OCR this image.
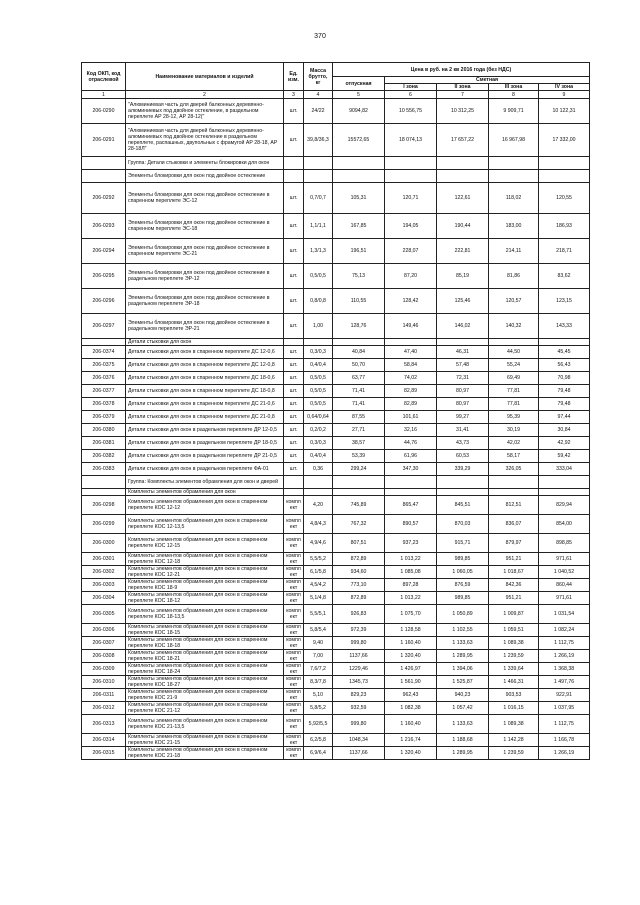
370
Код ОКП, код отраслевой	Наименование материалов и изделий	Ед. изм.	Масса брутто, кг	Цена в руб. на 2 кв 2016 года (без НДС)				
				отпускная	Сметная			
					I зона	II зона	III зона	IV зона
1	2	3	4	5	6	7	8	9
206-0290	"Алюминиевая часть для дверей балконных деревянно-алюминиевых под двойное остекление, в раздельном переплете АР 28-12, АР 28-12("	шт.	24/22	9094,82	10 556,75	10 312,25	9 909,71	10 122,31
206-0291	"Алюминиевая часть для дверей балконных деревянно-алюминиевых под двойное остекление в раздельном переплете, распашных, двупольных с фрамугой АР 28-18, АР 28-18Л"	шт.	39,8/36,3	15572,65	18 074,13	17 657,22	16 967,98	17 332,00
	Группа: Детали стыковки и элементы блокировки для окон							
	Элементы блокировки для окон под двойное остекление							
206-0292	Элементы блокировки для окон под двойное остекление в спаренном переплете ЭС-12	шт.	0,7/0,7	105,31	120,71	122,61	118,02	120,55
206-0293	Элементы блокировки для окон под двойное остекление в спаренном переплете ЭС-18	шт.	1,1/1,1	167,85	194,05	190,44	183,00	186,93
206-0294	Элементы блокировки для окон под двойное остекление в спаренном переплете ЭС-21	шт.	1,3/1,3	196,51	228,07	222,81	214,11	218,71
206-0295	Элементы блокировки для окон под двойное остекление в раздельном переплете ЭР-12	шт.	0,5/0,5	75,13	87,20	85,19	81,86	83,62
206-0296	Элементы блокировки для окон под двойное остекление в раздельном переплете ЭР-18	шт.	0,8/0,8	110,55	128,42	125,46	120,57	123,15
206-0297	Элементы блокировки для окон под двойное остекление в раздельном переплете ЭР-21	шт.	1,00	128,76	149,46	146,02	140,32	143,33
	Детали стыковки для окон							
206-0374	Детали стыковки для окон в спаренном переплете ДС 12-0,6	шт.	0,3/0,3	40,84	47,40	46,31	44,50	45,45
206-0375	Детали стыковки для окон в спаренном переплете ДС 12-0,8	шт.	0,4/0,4	50,70	58,84	57,48	55,24	56,43
206-0376	Детали стыковки для окон в спаренном переплете ДС 18-0,6	шт.	0,5/0,5	63,77	74,02	72,31	69,49	70,98
206-0377	Детали стыковки для окон в спаренном переплете ДС 18-0,8	шт.	0,5/0,5	71,41	82,89	80,97	77,81	79,48
206-0378	Детали стыковки для окон в спаренном переплете ДС 21-0,6	шт.	0,5/0,5	71,41	82,89	80,97	77,81	79,48
206-0379	Детали стыковки для окон в спаренном переплете ДС 21-0,8	шт.	0,64/0,64	87,55	101,61	99,27	95,39	97,44
206-0380	Детали стыковки для окон в раздельном переплете ДР 12-0,5	шт.	0,2/0,2	27,71	32,16	31,41	30,19	30,84
206-0381	Детали стыковки для окон в раздельном переплете ДР 18-0,5	шт.	0,3/0,3	38,57	44,76	43,73	42,02	42,92
206-0382	Детали стыковки для окон в раздельном переплете ДР 21-0,5	шт.	0,4/0,4	53,39	61,96	60,53	58,17	59,42
206-0383	Детали стыковки для окон в раздельном переплете ФА-01	шт.	0,36	299,24	347,30	339,29	326,05	333,04
	Группа: Комплекты элементов обрамления для окон и дверей							
	Комплекты элементов обрамления для окон							
206-0298	Комплекты элементов обрамления для окон в спаренном переплете КОС 12-12	компл ект	4,20	745,89	865,47	845,51	812,51	829,94
206-0299	Комплекты элементов обрамления для окон в спаренном переплете КОС 12-13,5	компл ект	4,8/4,3	767,32	890,57	870,03	836,07	854,00
206-0300	Комплекты элементов обрамления для окон в спаренном переплете КОС 12-15	компл ект	4,9/4,6	807,51	937,23	915,71	879,97	898,85
206-0301	Комплекты элементов обрамления для окон в спаренном переплете КОС 12-18	компл ект	5,5/5,2	872,89	1 013,22	989,85	951,21	971,61
206-0302	Комплекты элементов обрамления для окон в спаренном переплете КОС 12-21	компл ект	6,1/5,8	934,60	1 085,08	1 060,05	1 018,67	1 040,52
206-0303	Комплекты элементов обрамления для окон в спаренном переплете КОС 18-9	компл ект	4,5/4,2	773,10	897,28	876,59	842,36	860,44
206-0304	Комплекты элементов обрамления для окон в спаренном переплете КОС 18-12	компл ект	5,1/4,8	872,89	1 013,22	989,85	951,21	971,61
206-0305	Комплекты элементов обрамления для окон в спаренном переплете КОС 18-13,5	компл ект	5,5/5,1	926,83	1 075,70	1 050,89	1 009,87	1 031,54
206-0306	Комплекты элементов обрамления для окон в спаренном переплете КОС 18-15	компл ект	5,8/5,4	972,39	1 128,58	1 102,55	1 059,51	1 082,24
206-0307	Комплекты элементов обрамления для окон в спаренном переплете КОС 18-18	компл ект	9,40	999,80	1 160,40	1 133,63	1 089,38	1 112,75
206-0308	Комплекты элементов обрамления для окон в спаренном переплете КОС 18-21	компл ект	7,00	1137,66	1 320,40	1 289,95	1 239,59	1 266,19
206-0309	Комплекты элементов обрамления для окон в спаренном переплете КОС 18-24	компл ект	7,6/7,2	1229,46	1 426,97	1 394,06	1 339,64	1 368,38
206-0310	Комплекты элементов обрамления для окон в спаренном переплете КОС 18-27	компл ект	8,3/7,8	1345,73	1 561,90	1 525,87	1 466,31	1 497,76
206-0311	Комплекты элементов обрамления для окон в спаренном переплете КОС 21-9	компл ект	5,10	829,23	962,43	940,23	903,53	922,91
206-0312	Комплекты элементов обрамления для окон в спаренном переплете КОС 21-12	компл ект	5,8/5,2	932,59	1 082,38	1 057,42	1 016,15	1 037,95
206-0313	Комплекты элементов обрамления для окон в спаренном переплете КОС 21-13,5	компл ект	5,92/5,5	999,80	1 160,40	1 133,63	1 089,38	1 112,75
206-0314	Комплекты элементов обрамления для окон в спаренном переплете КОС 21-15	компл ект	6,2/5,8	1048,34	1 216,74	1 188,68	1 142,28	1 166,78
206-0315	Комплекты элементов обрамления для окон в спаренном переплете КОС 21-18	компл ект	6,9/6,4	1137,66	1 320,40	1 289,95	1 239,59	1 266,19
